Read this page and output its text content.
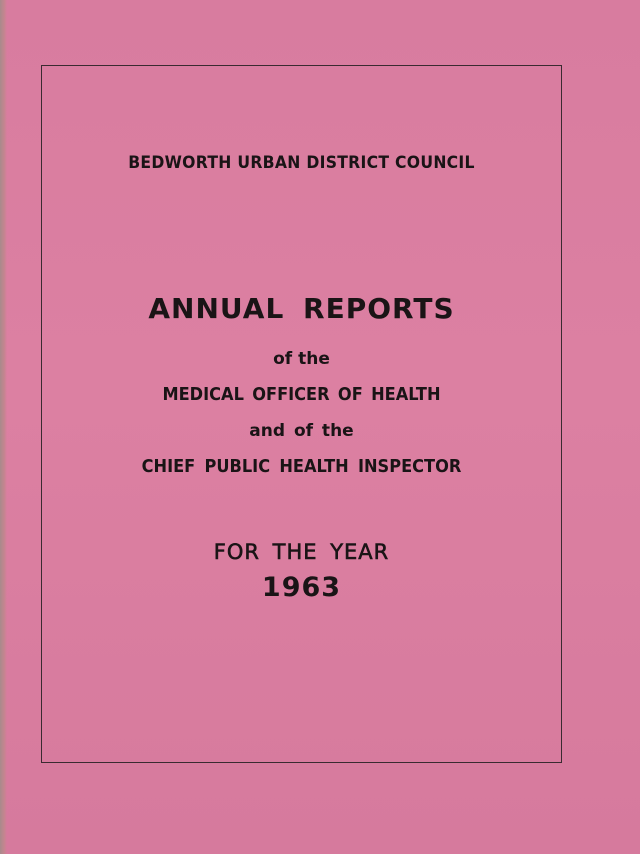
BEDWORTH URBAN DISTRICT COUNCIL
ANNUAL REPORTS
of the
MEDICAL OFFICER OF HEALTH
and of the
CHIEF PUBLIC HEALTH INSPECTOR
FOR THE YEAR
1963
